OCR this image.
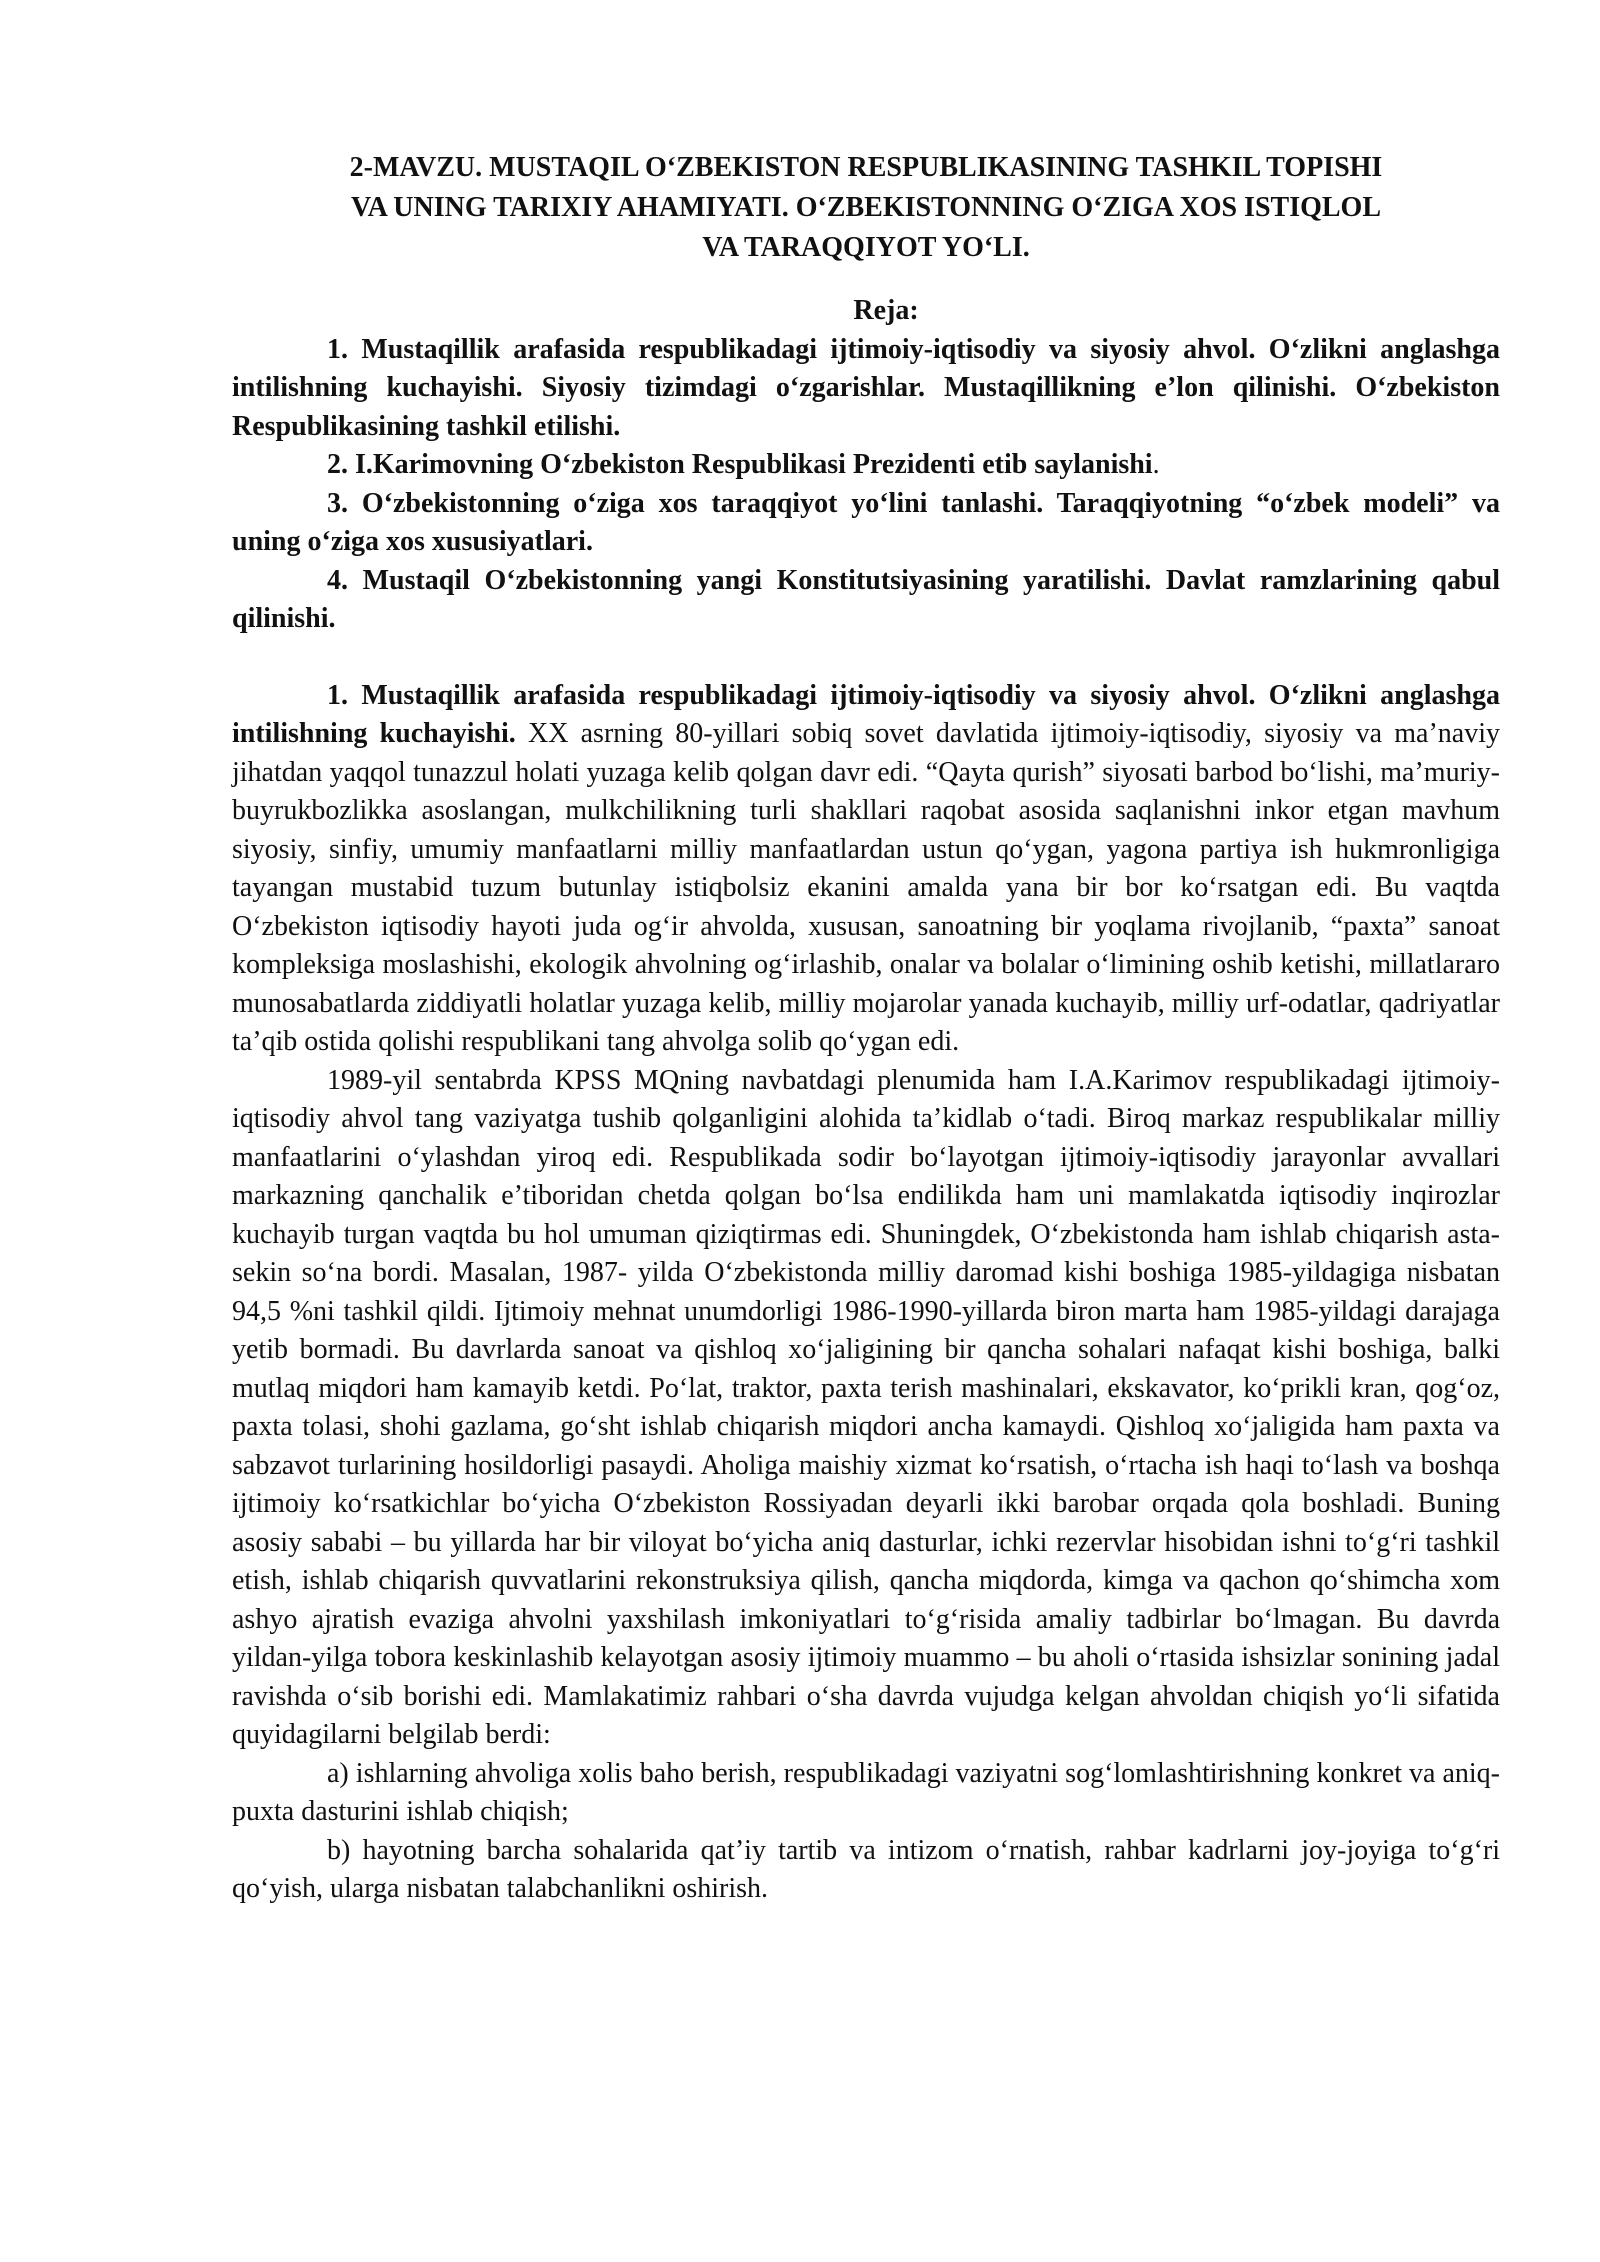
2-MAVZU. MUSTAQIL O‘ZBEKISTON RESPUBLIKASINING TASHKIL TOPISHI
VA UNING TARIXIY AHAMIYATI. O‘ZBEKISTONNING O‘ZIGA XOS ISTIQLOL
VA TARAQQIYOT YO‘LI.
Reja:

1. Mustaqillik arafasida respublikadagi ijtimoiy-iqtisodiy va siyosiy ahvol. O‘zlikni anglashga intilishning kuchayishi. Siyosiy tizimdagi o‘zgarishlar. Mustaqillikning e’lon qilinishi. O‘zbekiston Respublikasining tashkil etilishi.

2. I.Karimovning O‘zbekiston Respublikasi Prezidenti etib saylanishi.

3. O‘zbekistonning o‘ziga xos taraqqiyot yo‘lini tanlashi. Taraqqiyotning “o‘zbek modeli” va uning o‘ziga xos xususiyatlari.

4. Mustaqil O‘zbekistonning yangi Konstitutsiyasining yaratilishi. Davlat ramzlarining qabul qilinishi.

1. Mustaqillik arafasida respublikadagi ijtimoiy-iqtisodiy va siyosiy ahvol. O‘zlikni anglashga intilishning kuchayishi. XX asrning 80-yillari sobiq sovet davlatida ijtimoiy-iqtisodiy, siyosiy va ma’naviy jihatdan yaqqol tunazzul holati yuzaga kelib qolgan davr edi. “Qayta qurish” siyosati barbod bo‘lishi, ma’muriy-buyrukbozlikka asoslangan, mulkchilikning turli shakllari raqobat asosida saqlanishni inkor etgan mavhum siyosiy, sinfiy, umumiy manfaatlarni milliy manfaatlardan ustun qo‘ygan, yagona partiya ish hukmronligiga tayangan mustabid tuzum butunlay istiqbolsiz ekanini amalda yana bir bor ko‘rsatgan edi. Bu vaqtda O‘zbekiston iqtisodiy hayoti juda og‘ir ahvolda, xususan, sanoatning bir yoqlama rivojlanib, “paxta” sanoat kompleksiga moslashishi, ekologik ahvolning og‘irlashib, onalar va bolalar o‘limining oshib ketishi, millatlararo munosabatlarda ziddiyatli holatlar yuzaga kelib, milliy mojarolar yanada kuchayib, milliy urf-odatlar, qadriyatlar ta’qib ostida qolishi respublikani tang ahvolga solib qo‘ygan edi.

1989-yil sentabrda KPSS MQning navbatdagi plenumida ham I.A.Karimov respublikadagi ijtimoiy-iqtisodiy ahvol tang vaziyatga tushib qolganligini alohida ta’kidlab o‘tadi. Biroq markaz respublikalar milliy manfaatlarini o‘ylashdan yiroq edi. Respublikada sodir bo‘layotgan ijtimoiy-iqtisodiy jarayonlar avvallari markazning qanchalik e’tiboridan chetda qolgan bo‘lsa endilikda ham uni mamlakatda iqtisodiy inqirozlar kuchayib turgan vaqtda bu hol umuman qiziqtirmas edi. Shuningdek, O‘zbekistonda ham ishlab chiqarish asta-sekin so‘na bordi. Masalan, 1987- yilda O‘zbekistonda milliy daromad kishi boshiga 1985-yildagiga nisbatan 94,5 %ni tashkil qildi. Ijtimoiy mehnat unumdorligi 1986-1990-yillarda biron marta ham 1985-yildagi darajaga yetib bormadi. Bu davrlarda sanoat va qishloq xo‘jaligining bir qancha sohalari nafaqat kishi boshiga, balki mutlaq miqdori ham kamayib ketdi. Po‘lat, traktor, paxta terish mashinalari, ekskavator, ko‘prikli kran, qog‘oz, paxta tolasi, shohi gazlama, go‘sht ishlab chiqarish miqdori ancha kamaydi. Qishloq xo‘jaligida ham paxta va sabzavot turlarining hosildorligi pasaydi. Aholiga maishiy xizmat ko‘rsatish, o‘rtacha ish haqi to‘lash va boshqa ijtimoiy ko‘rsatkichlar bo‘yicha O‘zbekiston Rossiyadan deyarli ikki barobar orqada qola boshladi. Buning asosiy sababi – bu yillarda har bir viloyat bo‘yicha aniq dasturlar, ichki rezervlar hisobidan ishni to‘g‘ri tashkil etish, ishlab chiqarish quvvatlarini rekonstruksiya qilish, qancha miqdorda, kimga va qachon qo‘shimcha xom ashyo ajratish evaziga ahvolni yaxshilash imkoniyatlari to‘g‘risida amaliy tadbirlar bo‘lmagan. Bu davrda yildan-yilga tobora keskinlashib kelayotgan asosiy ijtimoiy muammo – bu aholi o‘rtasida ishsizlar sonining jadal ravishda o‘sib borishi edi. Mamlakatimiz rahbari o‘sha davrda vujudga kelgan ahvoldan chiqish yo‘li sifatida quyidagilarni belgilab berdi:

a) ishlarning ahvoliga xolis baho berish, respublikadagi vaziyatni sog‘lomlashtirishning konkret va aniq-puxta dasturini ishlab chiqish;

b) hayotning barcha sohalarida qat’iy tartib va intizom o‘rnatish, rahbar kadrlarni joy-joyiga to‘g‘ri qo‘yish, ularga nisbatan talabchanlikni oshirish.
